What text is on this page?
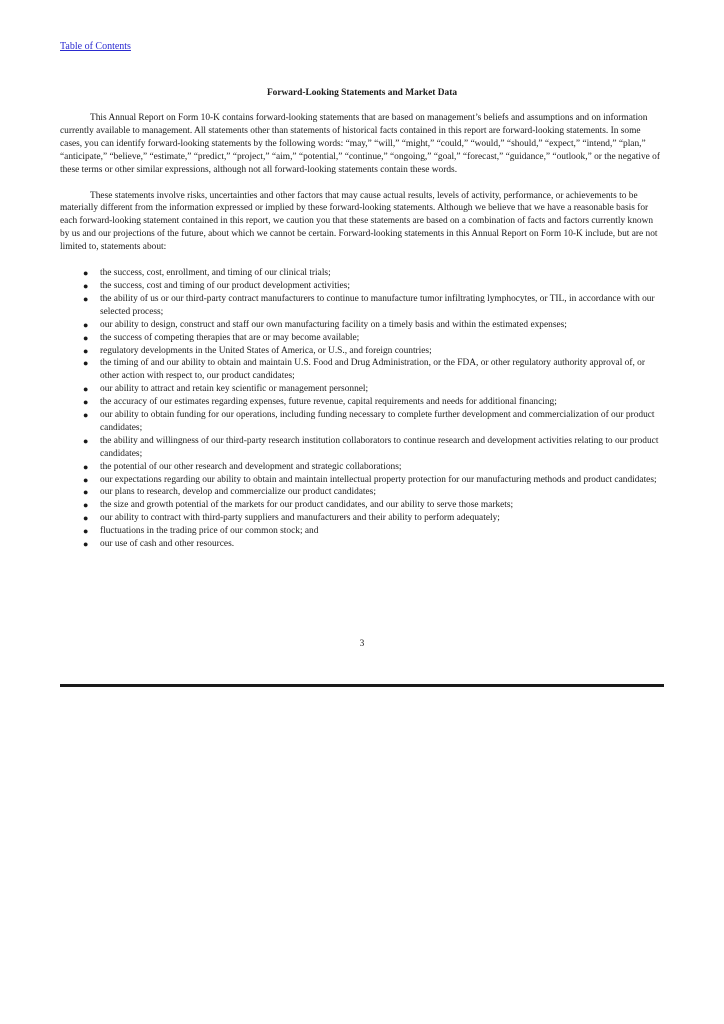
Table of Contents
Forward-Looking Statements and Market Data

This Annual Report on Form 10-K contains forward-looking statements that are based on management’s beliefs and assumptions and on information currently available to management. All statements other than statements of historical facts contained in this report are forward-looking statements. In some cases, you can identify forward-looking statements by the following words: “may,” “will,” “might,” “could,” “would,” “should,” “expect,” “intend,” “plan,” “anticipate,” “believe,” “estimate,” “predict,” “project,” “aim,” “potential,” “continue,” “ongoing,” “goal,” “forecast,” “guidance,” “outlook,” or the negative of these terms or other similar expressions, although not all forward-looking statements contain these words.

These statements involve risks, uncertainties and other factors that may cause actual results, levels of activity, performance, or achievements to be materially different from the information expressed or implied by these forward-looking statements. Although we believe that we have a reasonable basis for each forward-looking statement contained in this report, we caution you that these statements are based on a combination of facts and factors currently known by us and our projections of the future, about which we cannot be certain. Forward-looking statements in this Annual Report on Form 10-K include, but are not limited to, statements about:

● the success, cost, enrollment, and timing of our clinical trials;
● the success, cost and timing of our product development activities;
● the ability of us or our third-party contract manufacturers to continue to manufacture tumor infiltrating lymphocytes, or TIL, in accordance with our selected process;
● our ability to design, construct and staff our own manufacturing facility on a timely basis and within the estimated expenses;
● the success of competing therapies that are or may become available;
● regulatory developments in the United States of America, or U.S., and foreign countries;
● the timing of and our ability to obtain and maintain U.S. Food and Drug Administration, or the FDA, or other regulatory authority approval of, or other action with respect to, our product candidates;
● our ability to attract and retain key scientific or management personnel;
● the accuracy of our estimates regarding expenses, future revenue, capital requirements and needs for additional financing;
● our ability to obtain funding for our operations, including funding necessary to complete further development and commercialization of our product candidates;
● the ability and willingness of our third-party research institution collaborators to continue research and development activities relating to our product candidates;
● the potential of our other research and development and strategic collaborations;
● our expectations regarding our ability to obtain and maintain intellectual property protection for our manufacturing methods and product candidates;
● our plans to research, develop and commercialize our product candidates;
● the size and growth potential of the markets for our product candidates, and our ability to serve those markets;
● our ability to contract with third-party suppliers and manufacturers and their ability to perform adequately;
● fluctuations in the trading price of our common stock; and
● our use of cash and other resources.
3
